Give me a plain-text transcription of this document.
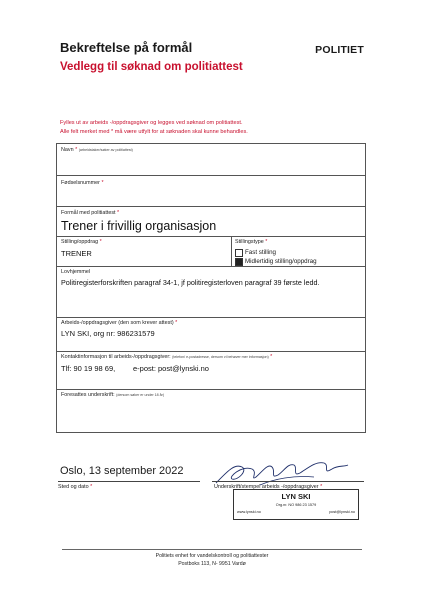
Bekreftelse på formål
Vedlegg til søknad om politiattest
POLITIET
Fylles ut av arbeids -/oppdragsgiver og legges ved søknad om politiattest.
Alle felt merket med * må være utfylt for at søknaden skal kunne behandles.
Navn * (arbeidstaker/søker av politiattest)
Fødselsnummer *
Formål med politiattest *
Trener i frivillig organisasjon
Stilling/oppdrag *
TRENER
Stillingstype *
Fast stilling
Midlertidig stilling/oppdrag
Lovhjemmel
Politiregisterforskriften paragraf 34-1, jf politiregisterloven paragraf 39 første ledd.
Arbeids-/oppdragsgiver (den som krever attest) *
LYN SKI, org nr: 986231579
Kontaktinformasjon til arbeids-/oppdragsgiver: (telefon/ e-postadresse, dersom vi behøver mer informasjon) *
Tlf: 90 19 98 69, e-post: post@lynski.no
Foresattes underskrift: (dersom søker er under 18 år)
Oslo, 13 september 2022
Sted og dato *	Underskrift/stempel arbeids -/oppdragsgiver *
LYN SKI
Org.nr. NO 986 23 1579
www.lynski.no	post@lynski.no
Politiets enhet for vandelskontroll og politiattester
Postboks 113, N- 9951 Vardø
